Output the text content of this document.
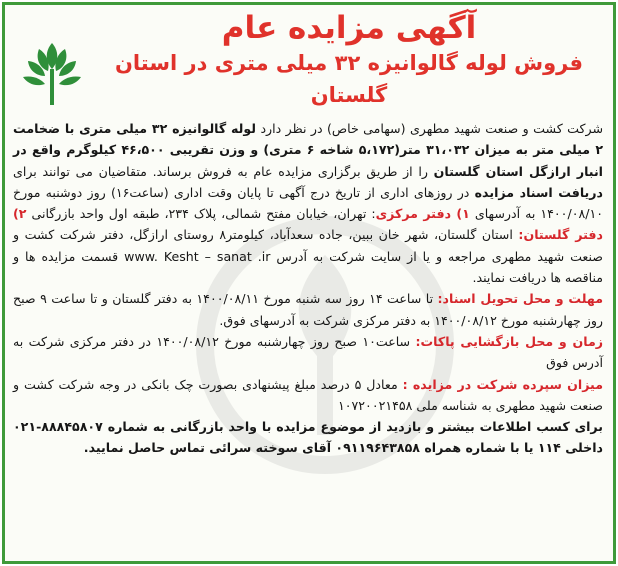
آگهی مزایده عام
فروش لوله گالوانیزه ۳۲ میلی متری در استان گلستان

شرکت کشت و صنعت شهید مطهری (سهامی خاص) در نظر دارد لوله گالوانیزه ۳۲ میلی متری با ضخامت ۲ میلی متر به میزان ۳۱،۰۳۲ متر(۵،۱۷۲ شاخه ۶ متری) و وزن تقریبی ۴۶،۵۰۰ کیلوگرم واقع در انبار ارازگل استان گلستان را از طریق برگزاری مزایده عام به فروش برساند. متقاضیان می توانند برای دریافت اسناد مزایده در روزهای اداری از تاریخ درج آگهی تا پایان وقت اداری (ساعت۱۶) روز دوشنبه مورخ ۱۴۰۰/۰۸/۱۰ به آدرسهای ۱) دفتر مرکزی: تهران، خیابان مفتح شمالی، پلاک ۲۳۴، طبقه اول واحد بازرگانی ۲) دفتر گلستان: استان گلستان، شهر خان ببین، جاده سعدآباد، کیلومتر۸ روستای ارازگل، دفتر شرکت کشت و صنعت شهید مطهری مراجعه و یا از سایت شرکت به آدرس www. Kesht – sanat .ir قسمت مزایده ها و مناقصه ها دریافت نمایند.

مهلت و محل تحویل اسناد: تا ساعت ۱۴ روز سه شنبه مورخ ۱۴۰۰/۰۸/۱۱ به دفتر گلستان و تا ساعت ۹ صبح روز چهارشنبه مورخ ۱۴۰۰/۰۸/۱۲ به دفتر مرکزی شرکت به آدرسهای فوق.

زمان و محل بازگشایی پاکات: ساعت۱۰ صبح روز چهارشنبه مورخ ۱۴۰۰/۰۸/۱۲ در دفتر مرکزی شرکت به آدرس فوق

میزان سپرده شرکت در مزایده : معادل ۵ درصد مبلغ پیشنهادی بصورت چک بانکی در وجه شرکت کشت و صنعت شهید مطهری به شناسه ملی ۱۰۷۲۰۰۲۱۴۵۸

برای کسب اطلاعات بیشتر و بازدید از موضوع مزایده با واحد بازرگانی به شماره ۸۸۸۴۵۸۰۷-۰۲۱ داخلی ۱۱۴ یا با شماره همراه ۰۹۱۱۹۶۴۳۸۵۸ آقای سوخته سرائی تماس حاصل نمایید.
